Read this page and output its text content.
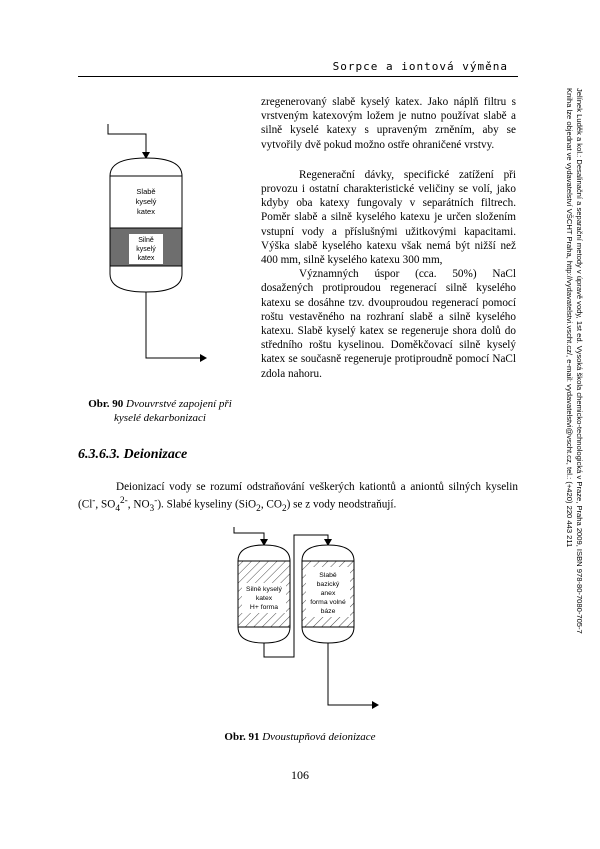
Sorpce a iontová výměna
Jelínek Luděk a kol.: Desalinační a separační metody v úpravě vody, 1st ed. Vysoká škola chemicko-technologická v Praze, Praha 2009, ISBN 978-80-7080-705-7
Kniha lze objednat ve vydavatelství VŠCHT Praha, http://vydavatelstvi.vscht.cz/, e-mail: vydavatelstvi@vscht.cz, tel.: (+420) 220 443 211
Slabě
kyselý
katex
Silně
kyselý
katex
Obr. 90 Dvouvrstvé zapojení při
kyselé dekarbonizaci

zregenerovaný slabě kyselý katex. Jako náplň filtru s vrstveným katexovým ložem je nutno používat slabě a silně kyselé katexy s upraveným zrněním, aby se vytvořily dvě pokud možno ostře ohraničené vrstvy.

Regenerační dávky, specifické zatížení při provozu i ostatní charakteristické veličiny se volí, jako kdyby oba katexy fungovaly v separátních filtrech. Poměr slabě a silně kyselého katexu je určen složením vstupní vody a příslušnými užitkovými kapacitami. Výška slabě kyselého katexu však nemá být nižší než 400 mm, silně kyselého katexu 300 mm,

Významných úspor (cca. 50%) NaCl dosažených protiproudou regenerací silně kyselého katexu se dosáhne tzv. dvouproudou regenerací pomocí roštu vestavěného na rozhraní slabě a silně kyselého katexu. Slabě kyselý katex se regeneruje shora dolů do středního roštu kyselinou. Doměkčovací silně kyselý katex se současně regeneruje protiproudně pomocí NaCl zdola nahoru.

6.3.6.3. Deionizace

Deionizací vody se rozumí odstraňování veškerých kationtů a aniontů silných kyselin (Cl-, $SO_4^{2-}$, $NO_3^-$). Slabé kyseliny (SiO$_2$, $CO_2$) se z vody neodstraňují.

Silně kyselý
katex
H+ forma
Slabě
bazický
anex
forma volné
báze
Obr. 91 Dvoustupňová deionizace
106
